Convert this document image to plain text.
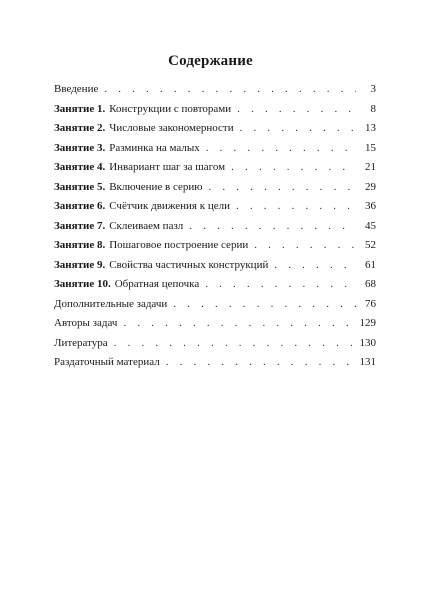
Содержание
Введение . . .	3
Занятие 1. Конструкции с повторами . . .	8
Занятие 2. Числовые закономерности . . .	13
Занятие 3. Разминка на малых . . .	15
Занятие 4. Инвариант шаг за шагом . . .	21
Занятие 5. Включение в серию . . .	29
Занятие 6. Счётчик движения к цели . . .	36
Занятие 7. Склеиваем пазл . . .	45
Занятие 8. Пошаговое построение серии . . .	52
Занятие 9. Свойства частичных конструкций . . .	61
Занятие 10. Обратная цепочка . . .	68
Дополнительные задачи . . .	76
Авторы задач . . .	129
Литература . . .	130
Раздаточный материал . . .	131
